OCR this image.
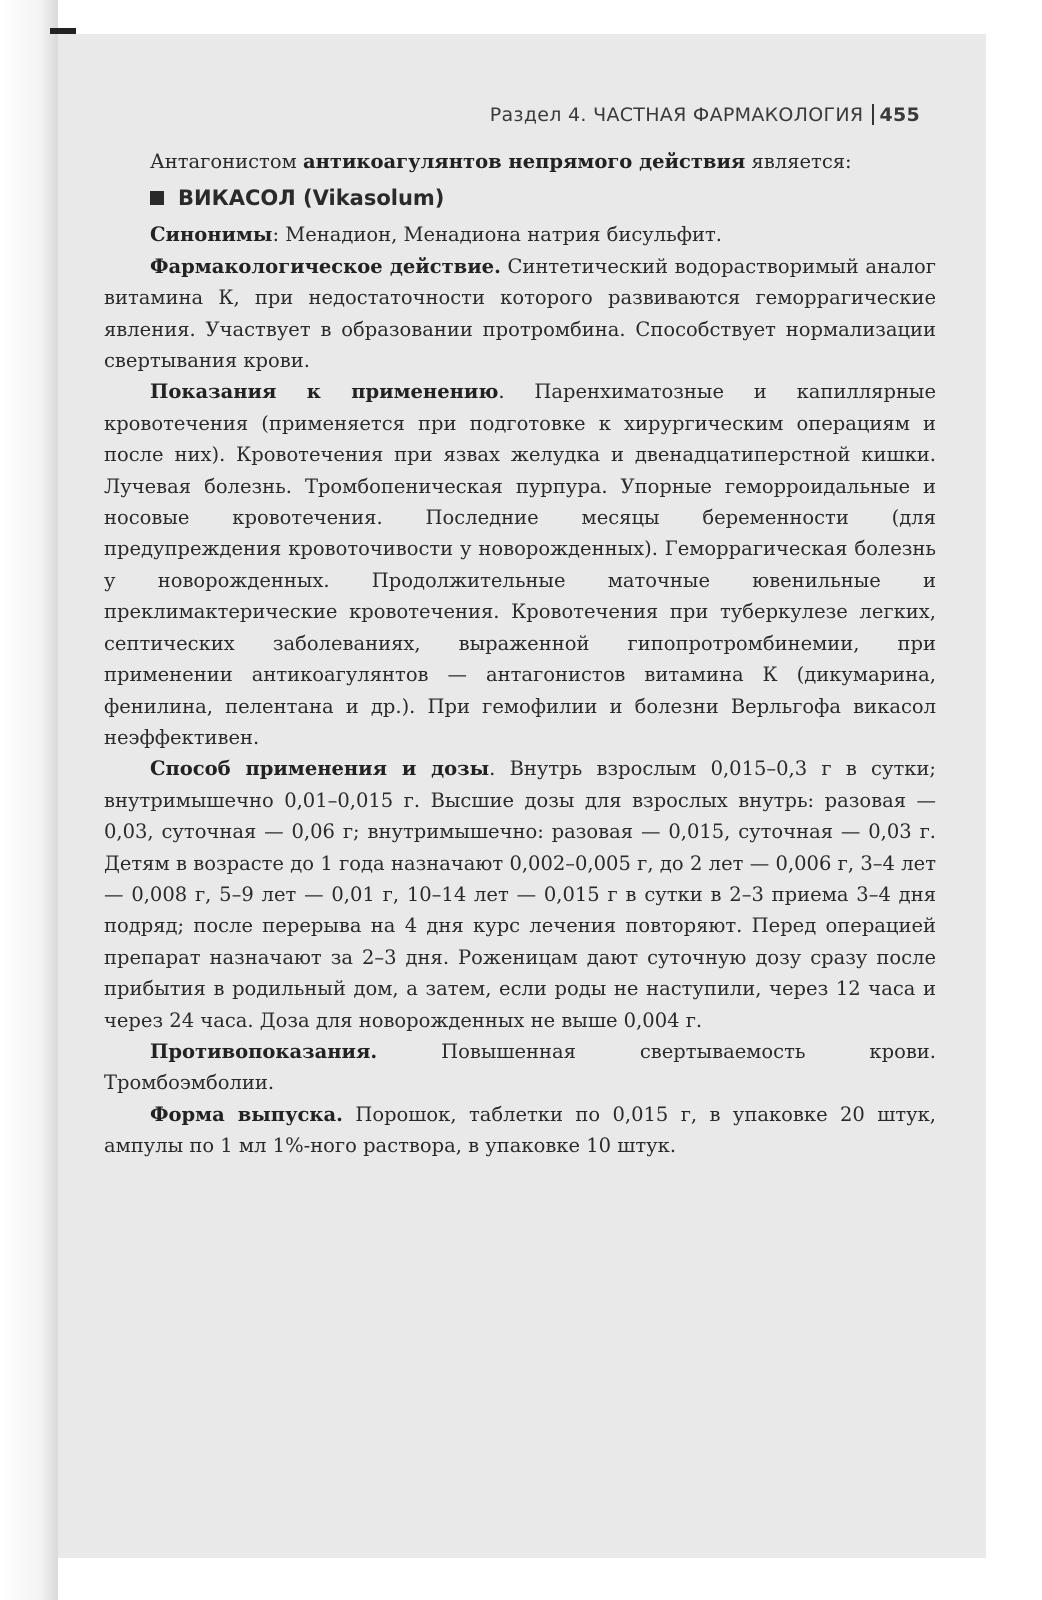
Раздел 4. ЧАСТНАЯ ФАРМАКОЛОГИЯ 455

Антагонистом антикоагулянтов непрямого действия является:

ВИКАСОЛ (Vikasolum)

Синонимы: Менадион, Менадиона натрия бисульфит.

Фармакологическое действие. Синтетический водорастворимый аналог витамина К, при недостаточности которого развиваются геморрагические явления. Участвует в образовании протромбина. Способствует нормализации свертывания крови.

Показания к применению. Паренхиматозные и капиллярные кровотечения (применяется при подготовке к хирургическим операциям и после них). Кровотечения при язвах желудка и двенадцатиперстной кишки. Лучевая болезнь. Тромбопеническая пурпура. Упорные геморроидальные и носовые кровотечения. Последние месяцы беременности (для предупреждения кровоточивости у новорожденных). Геморрагическая болезнь у новорожденных. Продолжительные маточные ювенильные и преклимактерические кровотечения. Кровотечения при туберкулезе легких, септических заболеваниях, выраженной гипопротромбинемии, при применении антикоагулянтов — антагонистов витамина К (дикумарина, фенилина, пелентана и др.). При гемофилии и болезни Верльгофа викасол неэффективен.

Способ применения и дозы. Внутрь взрослым 0,015–0,3 г в сутки; внутримышечно 0,01–0,015 г. Высшие дозы для взрослых внутрь: разовая — 0,03, суточная — 0,06 г; внутримышечно: разовая — 0,015, суточная — 0,03 г. Детям в возрасте до 1 года назначают 0,002–0,005 г, до 2 лет — 0,006 г, 3–4 лет — 0,008 г, 5–9 лет — 0,01 г, 10–14 лет — 0,015 г в сутки в 2–3 приема 3–4 дня подряд; после перерыва на 4 дня курс лечения повторяют. Перед операцией препарат назначают за 2–3 дня. Роженицам дают суточную дозу сразу после прибытия в родильный дом, а затем, если роды не наступили, через 12 часа и через 24 часа. Доза для новорожденных не выше 0,004 г.

Противопоказания. Повышенная свертываемость крови. Тромбоэмболии.

Форма выпуска. Порошок, таблетки по 0,015 г, в упаковке 20 штук, ампулы по 1 мл 1%-ного раствора, в упаковке 10 штук.
